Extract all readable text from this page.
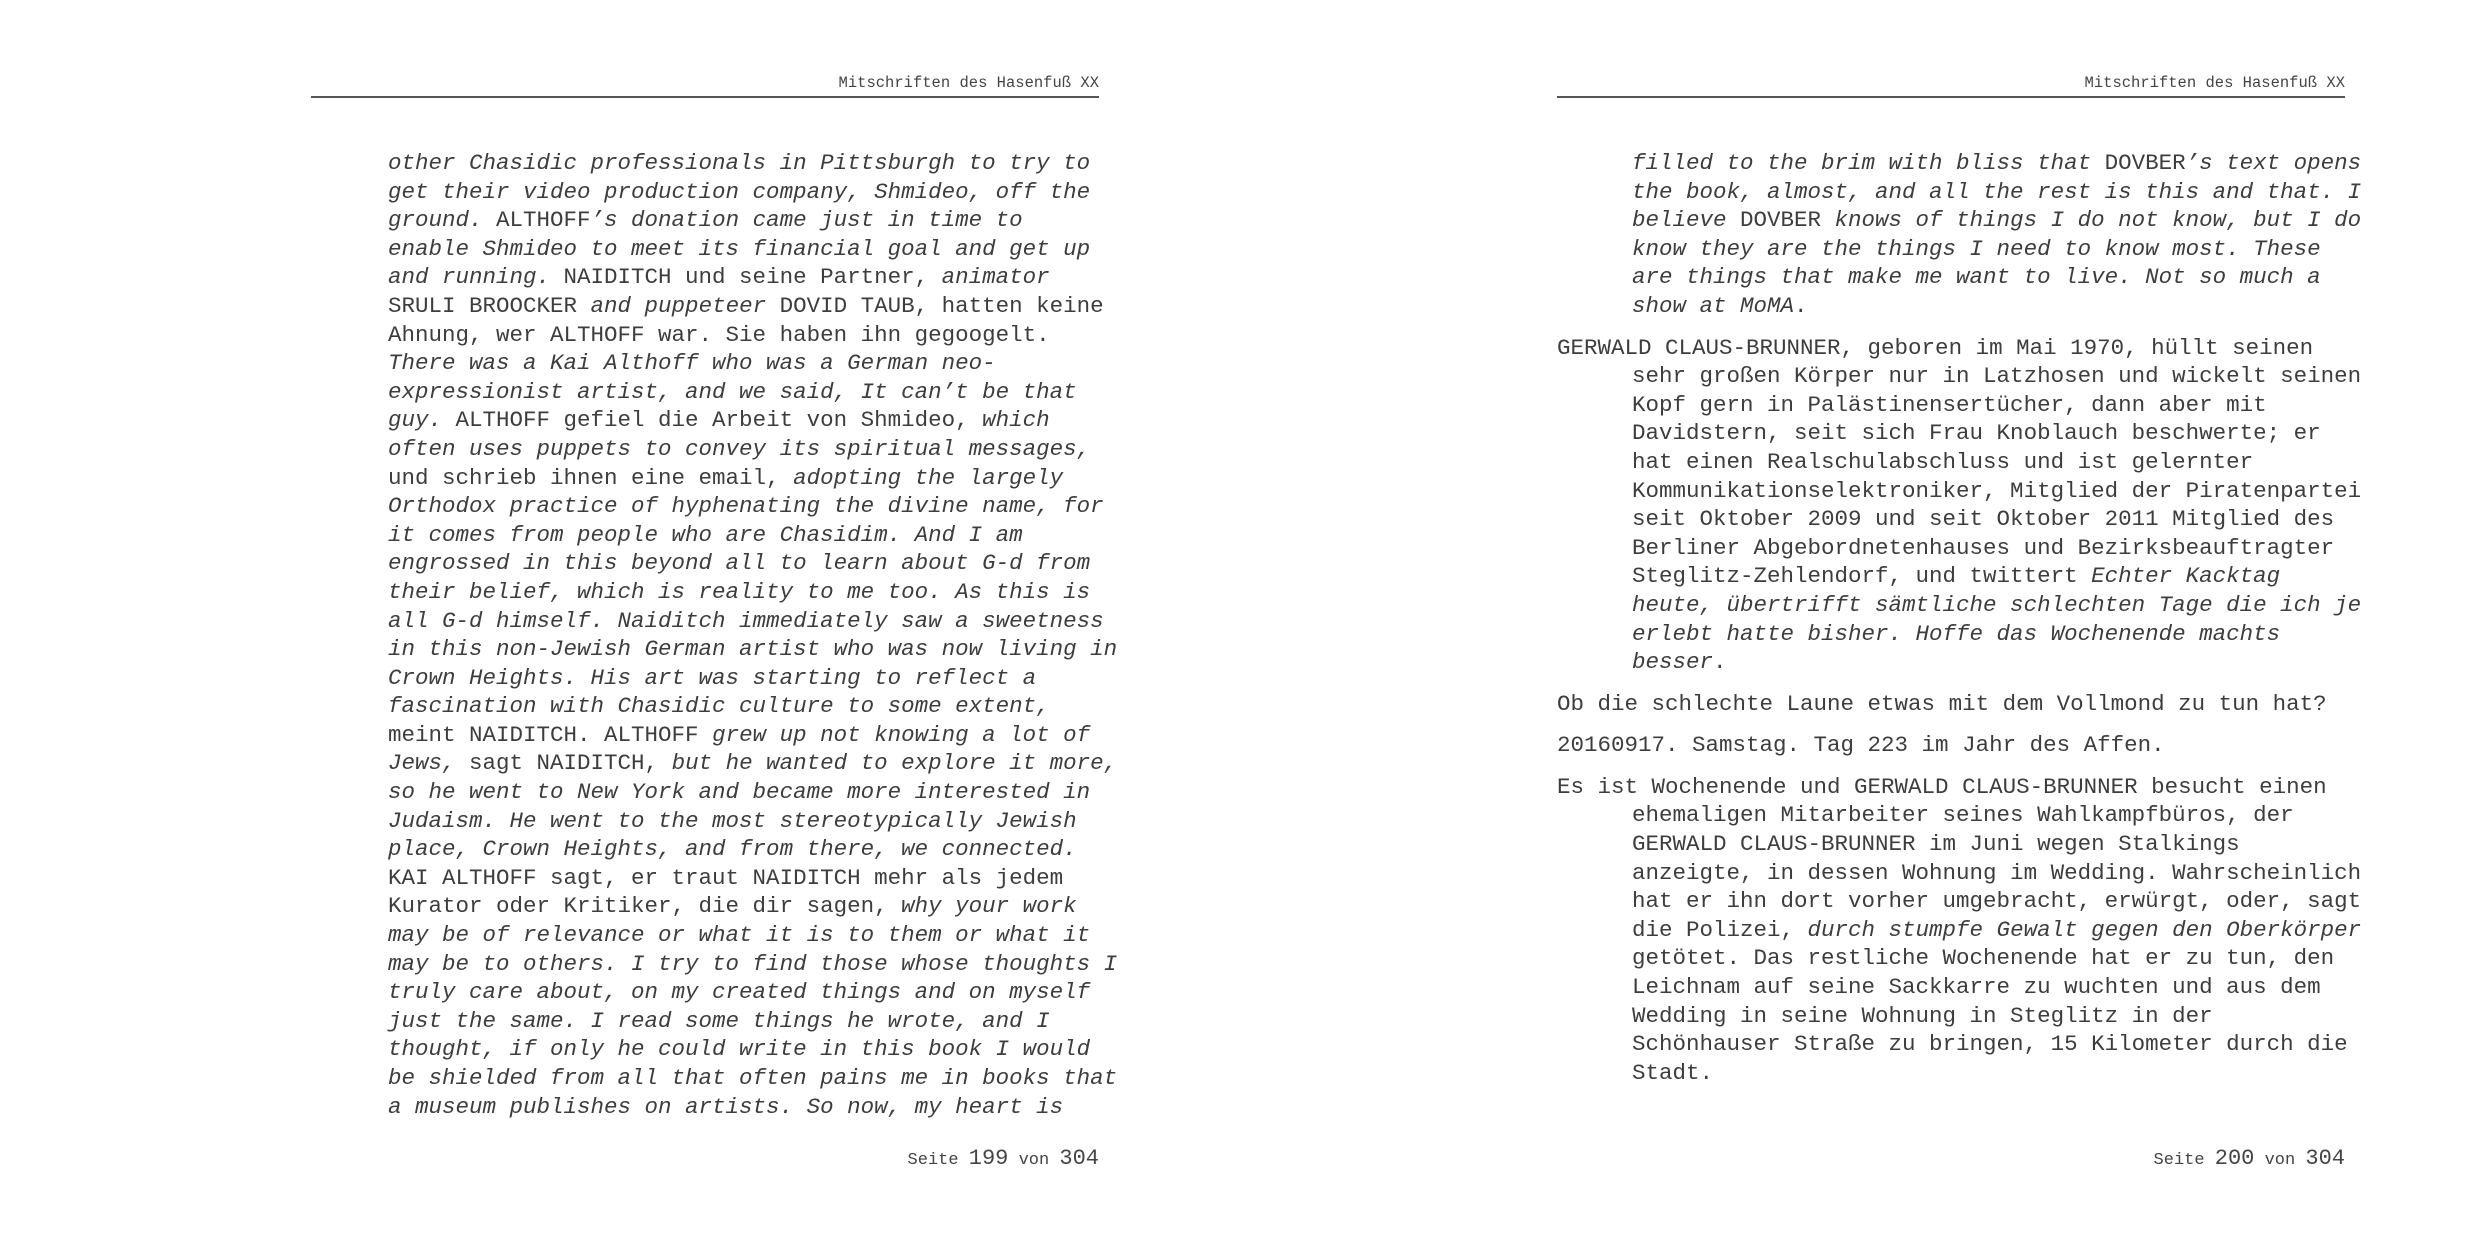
Mitschriften des Hasenfuß XX
other Chasidic professionals in Pittsburgh to try to
get their video production company, Shmideo, off the
ground. ALTHOFF’s donation came just in time to
enable Shmideo to meet its financial goal and get up
and running. NAIDITCH und seine Partner, animator
SRULI BROOCKER and puppeteer DOVID TAUB, hatten keine
Ahnung, wer ALTHOFF war. Sie haben ihn gegoogelt.
There was a Kai Althoff who was a German neo-
expressionist artist, and we said, It can’t be that
guy. ALTHOFF gefiel die Arbeit von Shmideo, which
often uses puppets to convey its spiritual messages,
und schrieb ihnen eine email, adopting the largely
Orthodox practice of hyphenating the divine name, for
it comes from people who are Chasidim. And I am
engrossed in this beyond all to learn about G-d from
their belief, which is reality to me too. As this is
all G-d himself. Naiditch immediately saw a sweetness
in this non-Jewish German artist who was now living in
Crown Heights. His art was starting to reflect a
fascination with Chasidic culture to some extent,
meint NAIDITCH. ALTHOFF grew up not knowing a lot of
Jews, sagt NAIDITCH, but he wanted to explore it more,
so he went to New York and became more interested in
Judaism. He went to the most stereotypically Jewish
place, Crown Heights, and from there, we connected.
KAI ALTHOFF sagt, er traut NAIDITCH mehr als jedem
Kurator oder Kritiker, die dir sagen, why your work
may be of relevance or what it is to them or what it
may be to others. I try to find those whose thoughts I
truly care about, on my created things and on myself
just the same. I read some things he wrote, and I
thought, if only he could write in this book I would
be shielded from all that often pains me in books that
a museum publishes on artists. So now, my heart is
Seite 199 von 304
Mitschriften des Hasenfuß XX
filled to the brim with bliss that DOVBER’s text opens
the book, almost, and all the rest is this and that. I
believe DOVBER knows of things I do not know, but I do
know they are the things I need to know most. These
are things that make me want to live. Not so much a
show at MoMA.
GERWALD CLAUS-BRUNNER, geboren im Mai 1970, hüllt seinen
sehr großen Körper nur in Latzhosen und wickelt seinen
Kopf gern in Palästinensertücher, dann aber mit
Davidstern, seit sich Frau Knoblauch beschwerte; er
hat einen Realschulabschluss und ist gelernter
Kommunikationselektroniker, Mitglied der Piratenpartei
seit Oktober 2009 und seit Oktober 2011 Mitglied des
Berliner Abgebordnetenhauses und Bezirksbeauftragter
Steglitz-Zehlendorf, und twittert Echter Kacktag
heute, übertrifft sämtliche schlechten Tage die ich je
erlebt hatte bisher. Hoffe das Wochenende machts
besser.
Ob die schlechte Laune etwas mit dem Vollmond zu tun hat?
20160917. Samstag. Tag 223 im Jahr des Affen.
Es ist Wochenende und GERWALD CLAUS-BRUNNER besucht einen
ehemaligen Mitarbeiter seines Wahlkampfbüros, der
GERWALD CLAUS-BRUNNER im Juni wegen Stalkings
anzeigte, in dessen Wohnung im Wedding. Wahrscheinlich
hat er ihn dort vorher umgebracht, erwürgt, oder, sagt
die Polizei, durch stumpfe Gewalt gegen den Oberkörper
getötet. Das restliche Wochenende hat er zu tun, den
Leichnam auf seine Sackkarre zu wuchten und aus dem
Wedding in seine Wohnung in Steglitz in der
Schönhauser Straße zu bringen, 15 Kilometer durch die
Stadt.
Seite 200 von 304
